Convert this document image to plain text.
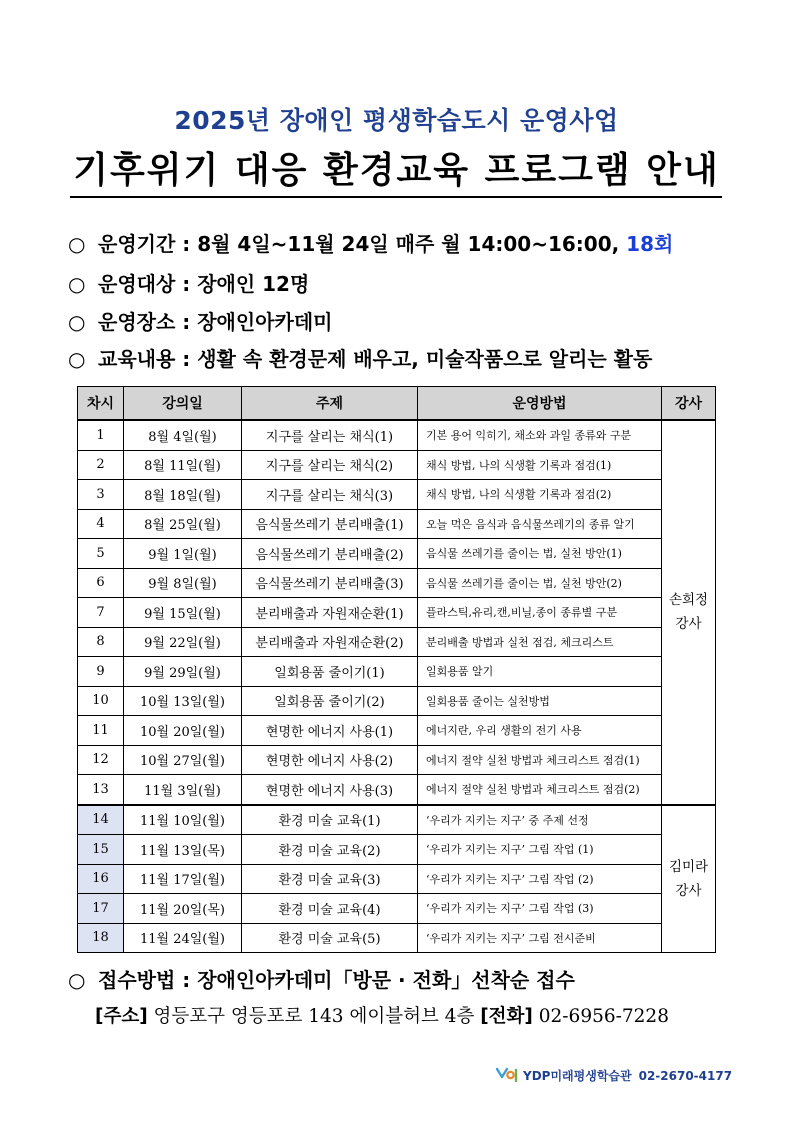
2025년 장애인 평생학습도시 운영사업
기후위기 대응 환경교육 프로그램 안내
○ 운영기간 : 8월 4일~11월 24일 매주 월 14:00~16:00, 18회
○ 운영대상 : 장애인 12명
○ 운영장소 : 장애인아카데미
○ 교육내용 : 생활 속 환경문제 배우고, 미술작품으로 알리는 활동
차시	강의일	주제	운영방법	강사
1	8월 4일(월)	지구를 살리는 채식(1)	기본 용어 익히기, 채소와 과일 종류와 구분	손희정
강사
2	8월 11일(월)	지구를 살리는 채식(2)	채식 방법, 나의 식생활 기록과 점검(1)	
3	8월 18일(월)	지구를 살리는 채식(3)	채식 방법, 나의 식생활 기록과 점검(2)	
4	8월 25일(월)	음식물쓰레기 분리배출(1)	오늘 먹은 음식과 음식물쓰레기의 종류 알기	
5	9월 1일(월)	음식물쓰레기 분리배출(2)	음식물 쓰레기를 줄이는 법, 실천 방안(1)	
6	9월 8일(월)	음식물쓰레기 분리배출(3)	음식물 쓰레기를 줄이는 법, 실천 방안(2)	
7	9월 15일(월)	분리배출과 자원재순환(1)	플라스틱,유리,캔,비닐,종이 종류별 구분	
8	9월 22일(월)	분리배출과 자원재순환(2)	분리배출 방법과 실천 점검, 체크리스트	
9	9월 29일(월)	일회용품 줄이기(1)	일회용품 알기	
10	10월 13일(월)	일회용품 줄이기(2)	일회용품 줄이는 실천방법	
11	10월 20일(월)	현명한 에너지 사용(1)	에너지란, 우리 생활의 전기 사용	
12	10월 27일(월)	현명한 에너지 사용(2)	에너지 절약 실천 방법과 체크리스트 점검(1)	
13	11월 3일(월)	현명한 에너지 사용(3)	에너지 절약 실천 방법과 체크리스트 점검(2)	
14	11월 10일(월)	환경 미술 교육(1)	‘우리가 지키는 지구’ 중 주제 선정	김미라
강사
15	11월 13일(목)	환경 미술 교육(2)	‘우리가 지키는 지구’ 그림 작업 (1)	
16	11월 17일(월)	환경 미술 교육(3)	‘우리가 지키는 지구’ 그림 작업 (2)	
17	11월 20일(목)	환경 미술 교육(4)	‘우리가 지키는 지구’ 그림 작업 (3)	
18	11월 24일(월)	환경 미술 교육(5)	‘우리가 지키는 지구’ 그림 전시준비	
○ 접수방법 : 장애인아카데미「방문 · 전화」선착순 접수
[주소] 영등포구 영등포로 143 에이블허브 4층 [전화] 02-6956-7228
YDP미래평생학습관 02-2670-4177
